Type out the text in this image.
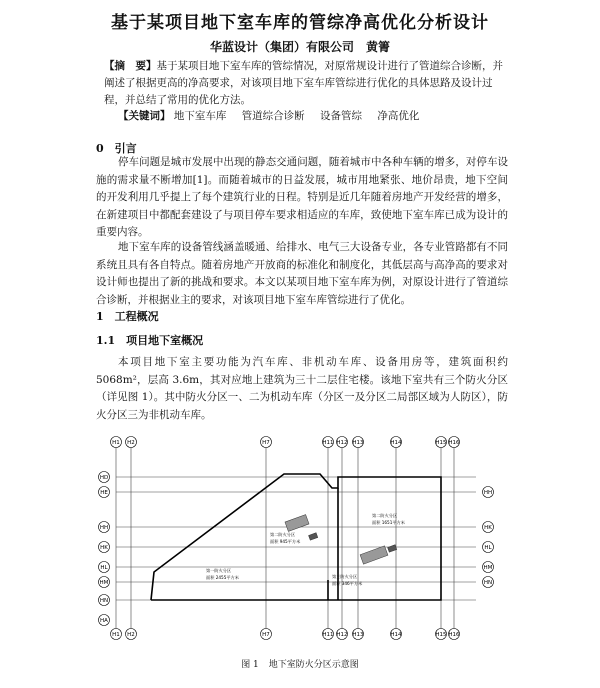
基于某项目地下室车库的管综净高优化分析设计
华蓝设计（集团）有限公司　黄箐
【摘　要】基于某项目地下室车库的管综情况，对原常规设计进行了管道综合诊断，并阐述了根据更高的净高要求，对该项目地下室车库管综进行优化的具体思路及设计过程，并总结了常用的优化方法。
【关键词】 地下室车库 管道综合诊断 设备管综 净高优化
0　引言
停车问题是城市发展中出现的静态交通问题，随着城市中各种车辆的增多，对停车设施的需求量不断增加[1]。而随着城市的日益发展，城市用地紧张、地价昂贵，地下空间的开发利用几乎提上了每个建筑行业的日程。特别是近几年随着房地产开发经营的增多，在新建项目中都配套建设了与项目停车要求相适应的车库，致使地下室车库已成为设计的重要内容。
地下室车库的设备管线涵盖暖通、给排水、电气三大设备专业，各专业管路都有不同系统且具有各自特点。随着房地产开放商的标准化和制度化，其低层高与高净高的要求对设计师也提出了新的挑战和要求。本文以某项目地下室车库为例，对原设计进行了管道综合诊断，并根据业主的要求，对该项目地下室车库管综进行了优化。
1　工程概况
1.1　项目地下室概况
本项目地下室主要功能为汽车库、非机动车库、设备用房等，建筑面积约 5068m²，层高 3.6m，其对应地上建筑为三十二层住宅楼。该地下室共有三个防火分区（详见图 1）。其中防火分区一、二为机动车库（分区一及分区二局部区域为人防区），防火分区三为非机动车库。
H1 H2	H7	H11 H12 H13	H14	H15 H16
H1 H2	H7	H11 H12 H13	H14	H15 H16
HD
HE
HH
HK
HL
HM
HN
HA
HH
HK
HL
HM
HN
第一防火分区
面积 2455平方米
第二防火分区
面积 945平方米
第二防火分区
面积 1651平方米
第三防火分区
面积 346平方米
图 1 地下室防火分区示意图
